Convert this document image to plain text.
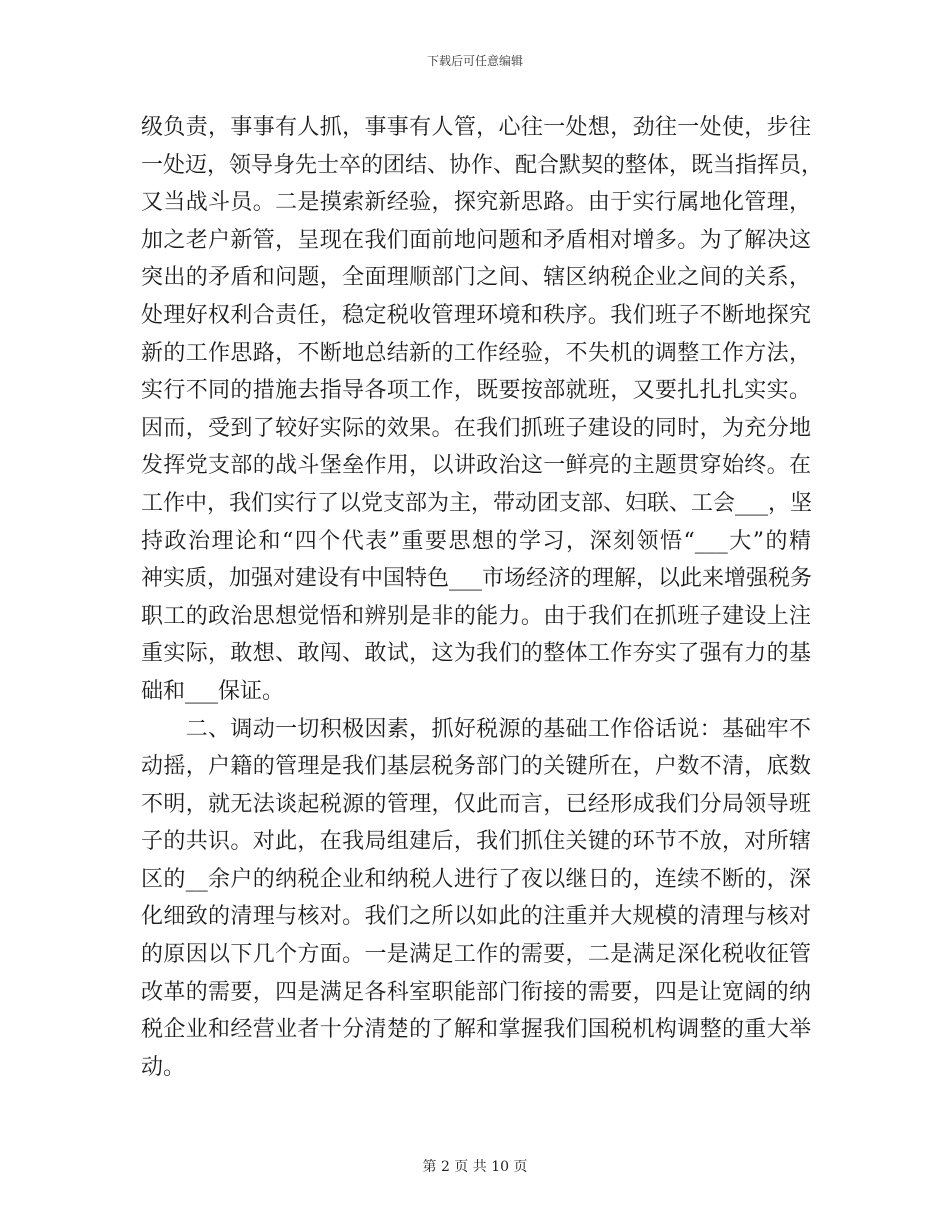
下载后可任意编辑
级负责，事事有人抓，事事有人管，心往一处想，劲往一处使，步往
一处迈，领导身先士卒的团结、协作、配合默契的整体，既当指挥员，
又当战斗员。二是摸索新经验，探究新思路。由于实行属地化管理，
加之老户新管，呈现在我们面前地问题和矛盾相对增多。为了解决这
突出的矛盾和问题，全面理顺部门之间、辖区纳税企业之间的关系，
处理好权利合责任，稳定税收管理环境和秩序。我们班子不断地探究
新的工作思路，不断地总结新的工作经验，不失机的调整工作方法，
实行不同的措施去指导各项工作，既要按部就班，又要扎扎扎实实。
因而，受到了较好实际的效果。在我们抓班子建设的同时，为充分地
发挥党支部的战斗堡垒作用，以讲政治这一鲜亮的主题贯穿始终。在
工作中，我们实行了以党支部为主，带动团支部、妇联、工会___，坚
持政治理论和“四个代表”重要思想的学习，深刻领悟“___大”的精
神实质，加强对建设有中国特色___市场经济的理解，以此来增强税务
职工的政治思想觉悟和辨别是非的能力。由于我们在抓班子建设上注
重实际，敢想、敢闯、敢试，这为我们的整体工作夯实了强有力的基
础和___保证。
　　二、调动一切积极因素，抓好税源的基础工作俗话说：基础牢不
动摇，户籍的管理是我们基层税务部门的关键所在，户数不清，底数
不明，就无法谈起税源的管理，仅此而言，已经形成我们分局领导班
子的共识。对此，在我局组建后，我们抓住关键的环节不放，对所辖
区的__余户的纳税企业和纳税人进行了夜以继日的，连续不断的，深
化细致的清理与核对。我们之所以如此的注重并大规模的清理与核对
的原因以下几个方面。一是满足工作的需要，二是满足深化税收征管
改革的需要，四是满足各科室职能部门衔接的需要，四是让宽阔的纳
税企业和经营业者十分清楚的了解和掌握我们国税机构调整的重大举
动。
第 2 页 共 10 页
